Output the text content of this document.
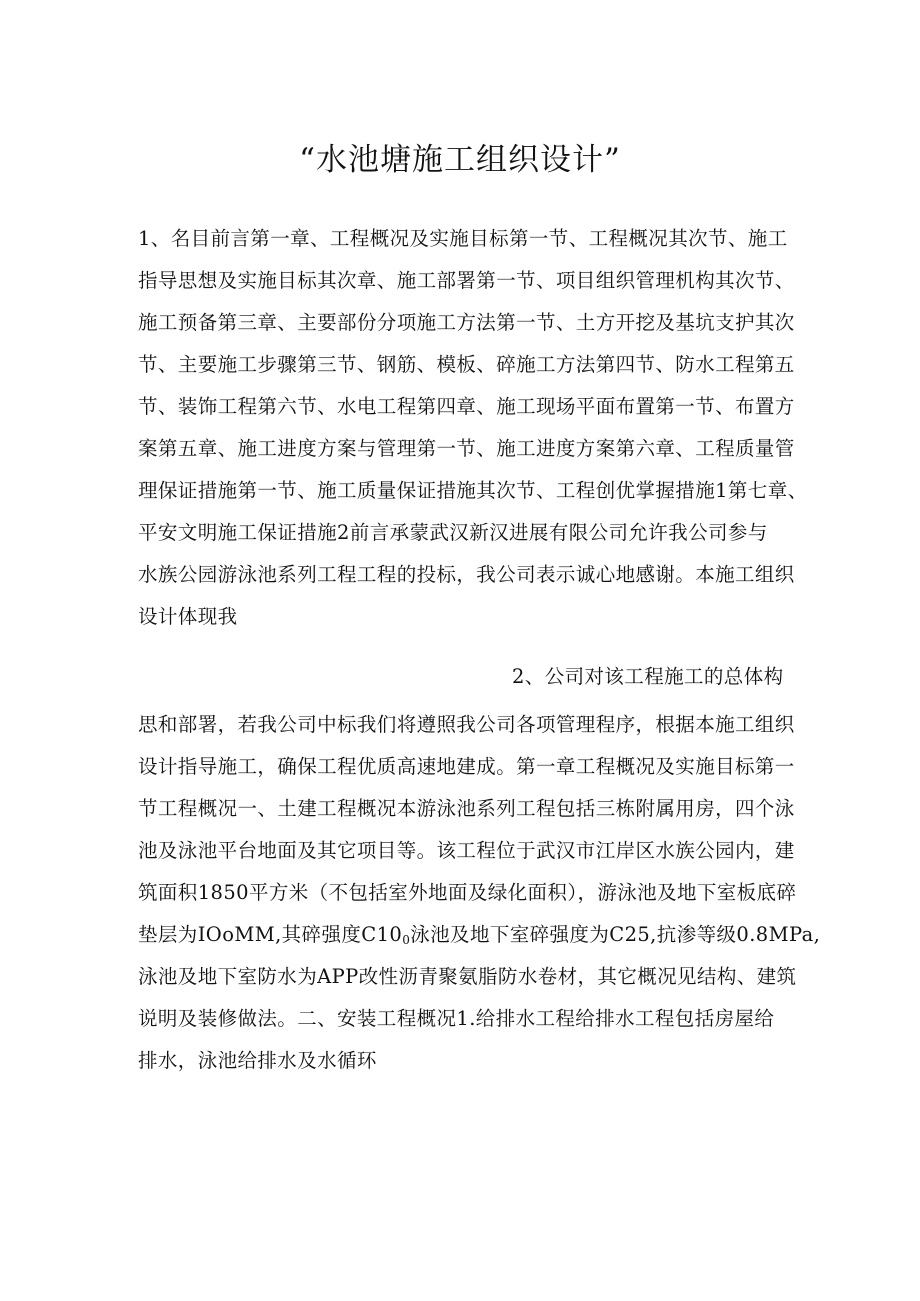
“水池塘施工组织设计”
1、名目前言第一章、工程概况及实施目标第一节、工程概况其次节、施工
指导思想及实施目标其次章、施工部署第一节、项目组织管理机构其次节、
施工预备第三章、主要部份分项施工方法第一节、土方开挖及基坑支护其次
节、主要施工步骤第三节、钢筋、模板、碎施工方法第四节、防水工程第五
节、装饰工程第六节、水电工程第四章、施工现场平面布置第一节、布置方
案第五章、施工进度方案与管理第一节、施工进度方案第六章、工程质量管
理保证措施第一节、施工质量保证措施其次节、工程创优掌握措施1第七章、
平安文明施工保证措施2前言承蒙武汉新汉进展有限公司允许我公司参与
水族公园游泳池系列工程工程的投标，我公司表示诚心地感谢。本施工组织
设计体现我
2、公司对该工程施工的总体构
思和部署，若我公司中标我们将遵照我公司各项管理程序，根据本施工组织
设计指导施工，确保工程优质高速地建成。第一章工程概况及实施目标第一
节工程概况一、土建工程概况本游泳池系列工程包括三栋附属用房，四个泳
池及泳池平台地面及其它项目等。该工程位于武汉市江岸区水族公园内，建
筑面积1850平方米（不包括室外地面及绿化面积），游泳池及地下室板底碎
垫层为IOoMM,其碎强度$C10_0$泳池及地下室碎强度为C25,抗渗等级0.8MPa,
泳池及地下室防水为APP改性沥青聚氨脂防水卷材，其它概况见结构、建筑
说明及装修做法。二、安装工程概况1.给排水工程给排水工程包括房屋给
排水，泳池给排水及水循环
